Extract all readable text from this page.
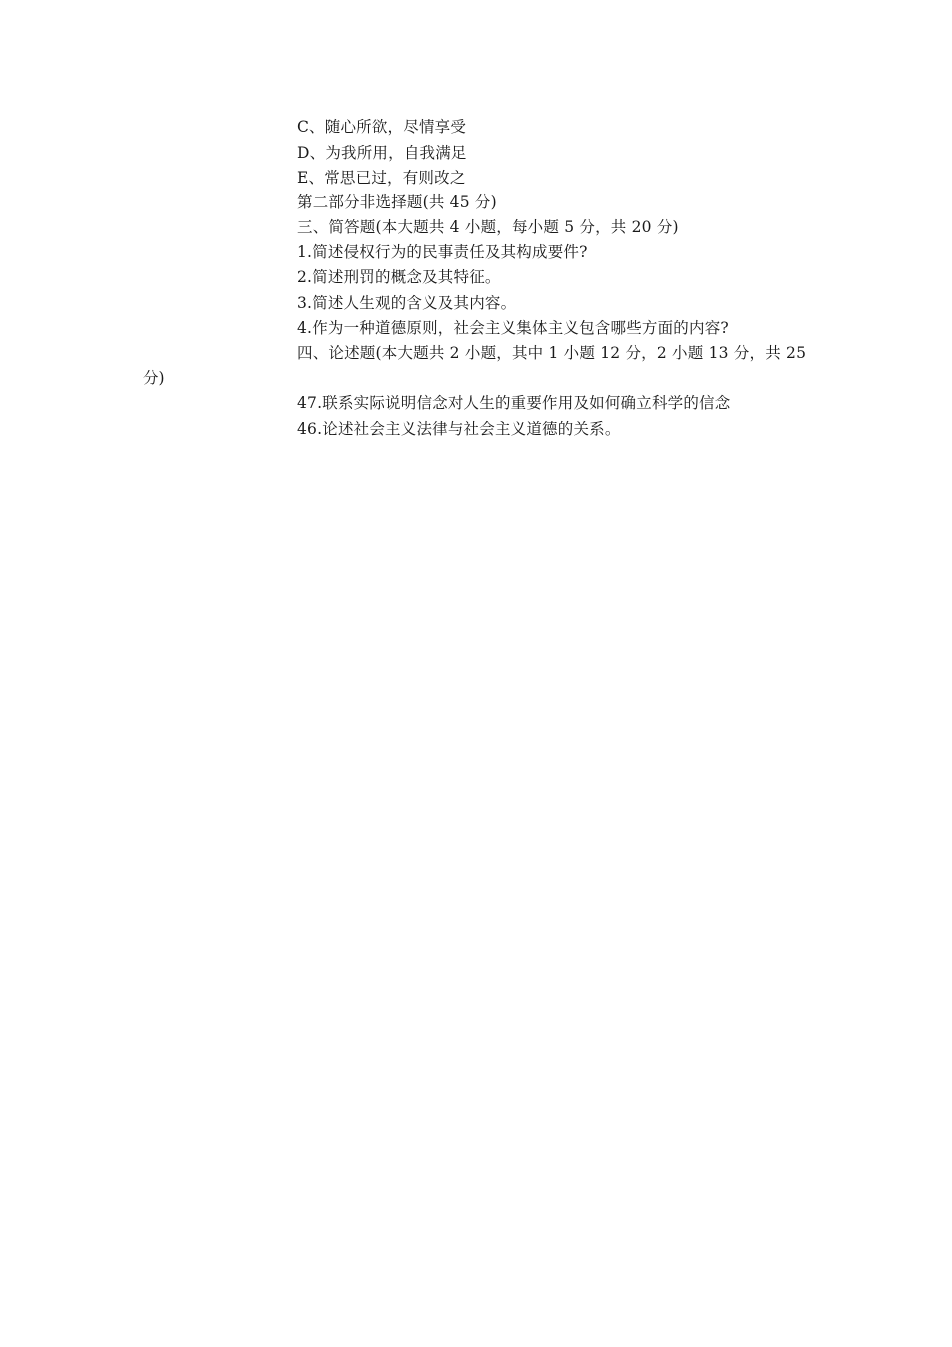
C、随心所欲，尽情享受
D、为我所用，自我满足
E、常思已过，有则改之
第二部分非选择题(共 45 分)
三、简答题(本大题共 4 小题，每小题 5 分，共 20 分)
1.简述侵权行为的民事责任及其构成要件?
2.简述刑罚的概念及其特征。
3.简述人生观的含义及其内容。
4.作为一种道德原则，社会主义集体主义包含哪些方面的内容?
四、论述题(本大题共 2 小题，其中 1 小题 12 分，2 小题 13 分，共 25
分)
47.联系实际说明信念对人生的重要作用及如何确立科学的信念
46.论述社会主义法律与社会主义道德的关系。
